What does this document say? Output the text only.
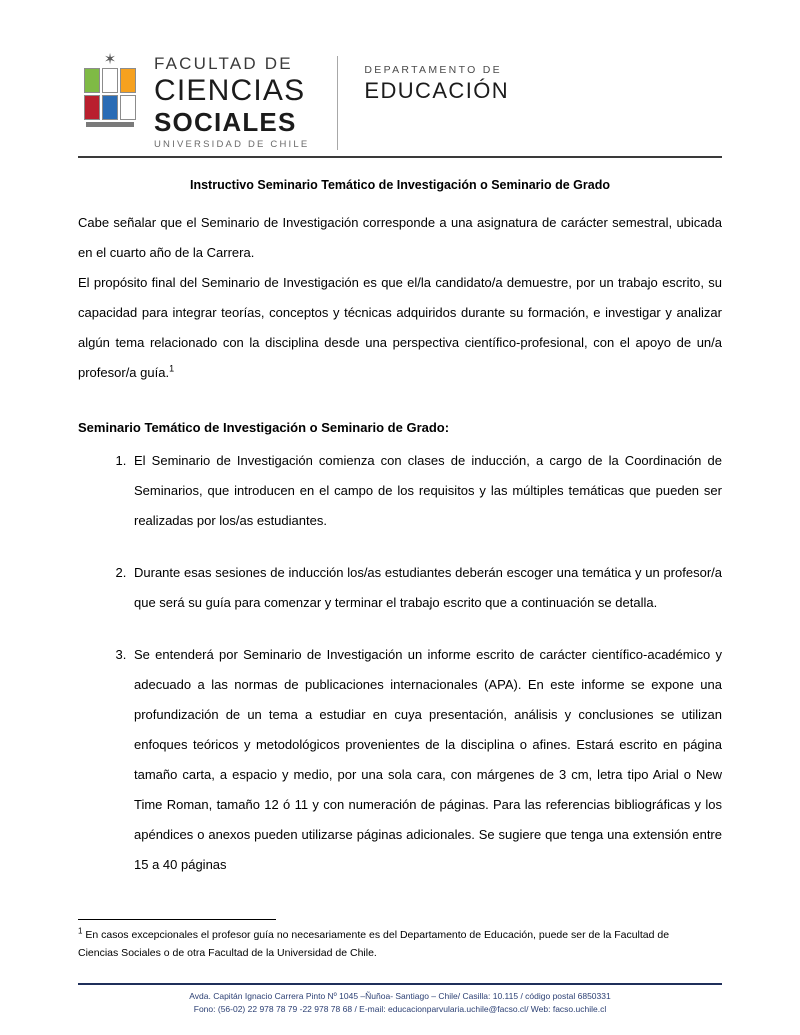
✶ FACULTAD DE
CIENCIAS
SOCIALES
UNIVERSIDAD DE CHILE
DEPARTAMENTO DE
EDUCACIÓN
Instructivo Seminario Temático de Investigación o Seminario de Grado

Cabe señalar que el Seminario de Investigación corresponde a una asignatura de carácter semestral, ubicada en el cuarto año de la Carrera.

El propósito final del Seminario de Investigación es que el/la candidato/a demuestre, por un trabajo escrito, su capacidad para integrar teorías, conceptos y técnicas adquiridos durante su formación, e investigar y analizar algún tema relacionado con la disciplina desde una perspectiva científico-profesional, con el apoyo de un/a profesor/a guía.$^1$

Seminario Temático de Investigación o Seminario de Grado:
1. El Seminario de Investigación comienza con clases de inducción, a cargo de la Coordinación de Seminarios, que introducen en el campo de los requisitos y las múltiples temáticas que pueden ser realizadas por los/as estudiantes.
2. Durante esas sesiones de inducción los/as estudiantes deberán escoger una temática y un profesor/a que será su guía para comenzar y terminar el trabajo escrito que a continuación se detalla.
3. Se entenderá por Seminario de Investigación un informe escrito de carácter científico-académico y adecuado a las normas de publicaciones internacionales (APA). En este informe se expone una profundización de un tema a estudiar en cuya presentación, análisis y conclusiones se utilizan enfoques teóricos y metodológicos provenientes de la disciplina o afines. Estará escrito en página tamaño carta, a espacio y medio, por una sola cara, con márgenes de 3 cm, letra tipo Arial o New Time Roman, tamaño 12 ó 11 y con numeración de páginas. Para las referencias bibliográficas y los apéndices o anexos pueden utilizarse páginas adicionales. Se sugiere que tenga una extensión entre 15 a 40 páginas
$^1$ En casos excepcionales el profesor guía no necesariamente es del Departamento de Educación, puede ser de la Facultad de Ciencias Sociales o de otra Facultad de la Universidad de Chile.
Avda. Capitán Ignacio Carrera Pinto Nº 1045 –Ñuñoa- Santiago – Chile/ Casilla: 10.115 / código postal 6850331
Fono: (56-02) 22 978 78 79 -22 978 78 68 / E-mail: educacionparvularia.uchile@facso.cl/ Web: facso.uchile.cl
